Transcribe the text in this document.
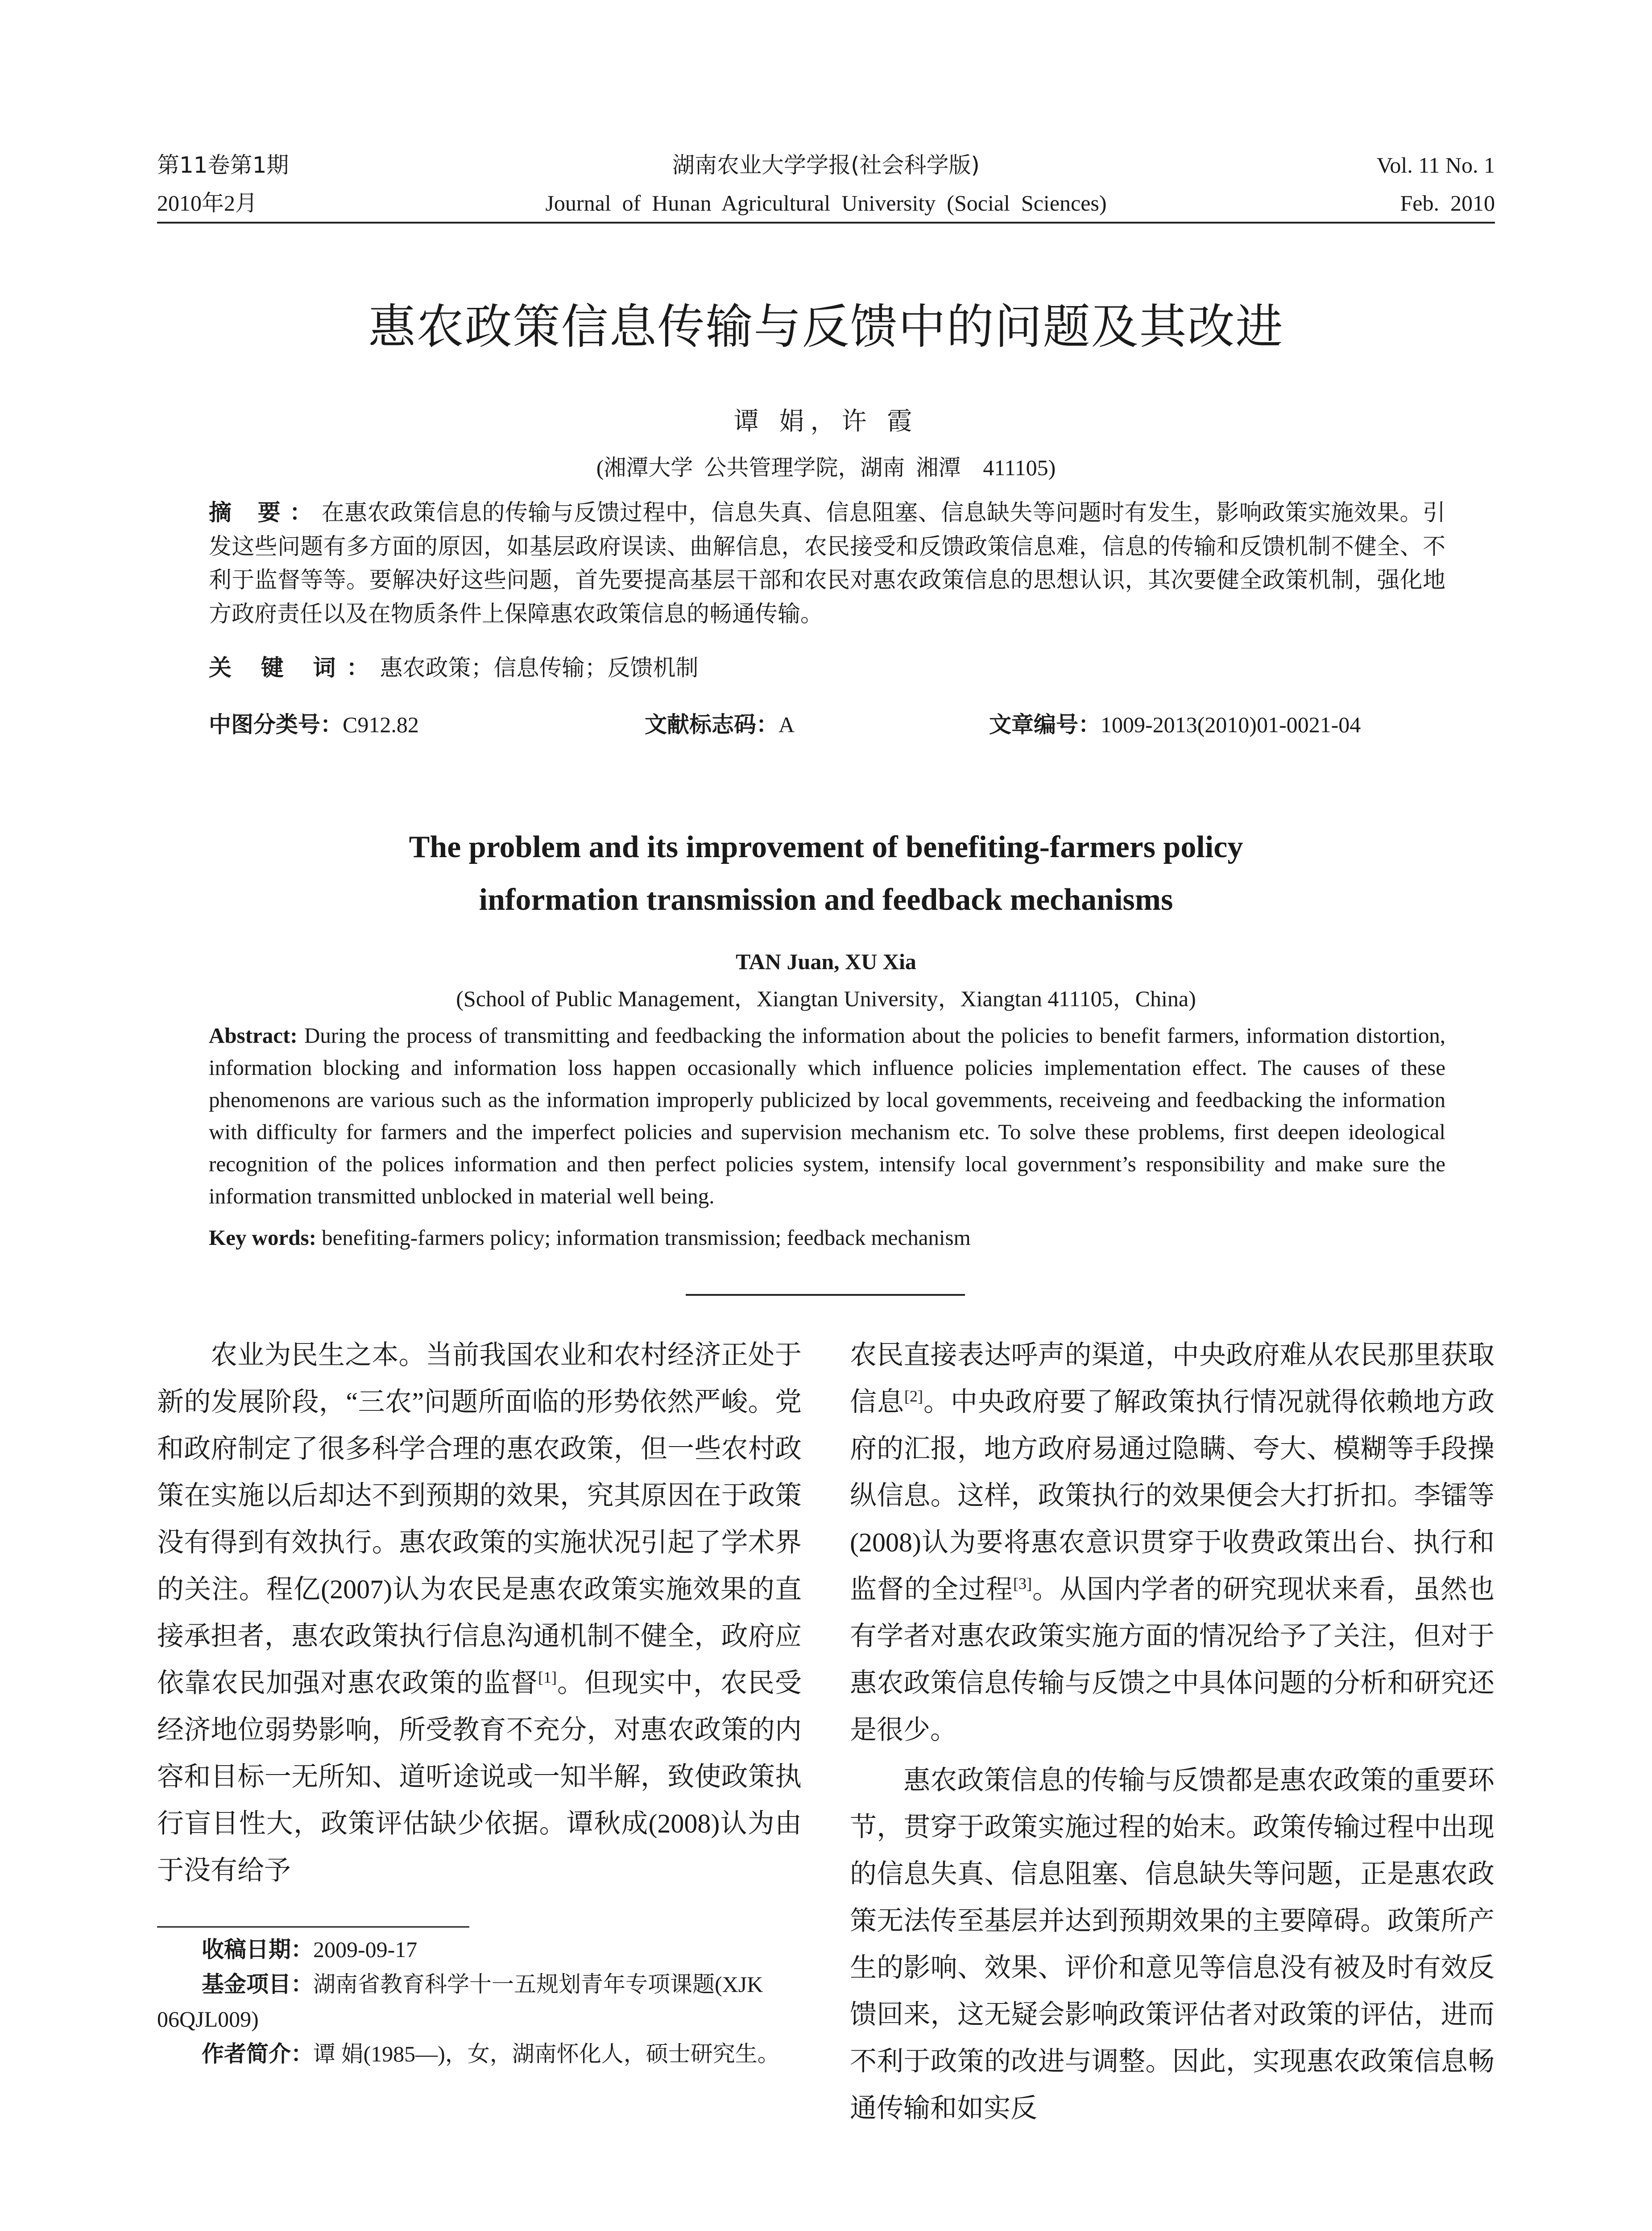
第11卷第1期
2010年2月
湖南农业大学学报(社会科学版)
Journal  of  Hunan  Agricultural  University  (Social  Sciences)
Vol. 11 No. 1
Feb.  2010
惠农政策信息传输与反馈中的问题及其改进
谭 娟，许 霞
(湘潭大学  公共管理学院，湖南  湘潭    411105)
摘 要：在惠农政策信息的传输与反馈过程中，信息失真、信息阻塞、信息缺失等问题时有发生，影响政策实施效果。引发这些问题有多方面的原因，如基层政府误读、曲解信息，农民接受和反馈政策信息难，信息的传输和反馈机制不健全、不利于监督等等。要解决好这些问题，首先要提高基层干部和农民对惠农政策信息的思想认识，其次要健全政策机制，强化地方政府责任以及在物质条件上保障惠农政策信息的畅通传输。
关 键 词：惠农政策；信息传输；反馈机制
中图分类号：C912.82	文献标志码：A	文章编号：1009-2013(2010)01-0021-04
The problem and its improvement of benefiting-farmers policy
information transmission and feedback mechanisms
TAN Juan, XU Xia
(School of Public Management，Xiangtan University，Xiangtan 411105，China)
Abstract: During the process of transmitting and feedbacking the information about the policies to benefit farmers, information distortion, information blocking and information loss happen occasionally which influence policies implementation effect. The causes of these phenomenons are various such as the information improperly publicized by local govemments, receiveing and feedbacking the information with difficulty for farmers and the imperfect policies and supervision mechanism etc. To solve these problems, first deepen ideological recognition of the polices information and then perfect policies system, intensify local government’s responsibility and make sure the information transmitted unblocked in material well being.
Key words: benefiting-farmers policy; information transmission; feedback mechanism

农业为民生之本。当前我国农业和农村经济正处于新的发展阶段，“三农”问题所面临的形势依然严峻。党和政府制定了很多科学合理的惠农政策，但一些农村政策在实施以后却达不到预期的效果，究其原因在于政策没有得到有效执行。惠农政策的实施状况引起了学术界的关注。程亿(2007)认为农民是惠农政策实施效果的直接承担者，惠农政策执行信息沟通机制不健全，政府应依靠农民加强对惠农政策的监督[1]。但现实中，农民受经济地位弱势影响，所受教育不充分，对惠农政策的内容和目标一无所知、道听途说或一知半解，致使政策执行盲目性大，政策评估缺少依据。谭秋成(2008)认为由于没有给予

农民直接表达呼声的渠道，中央政府难从农民那里获取信息[2]。中央政府要了解政策执行情况就得依赖地方政府的汇报，地方政府易通过隐瞒、夸大、模糊等手段操纵信息。这样，政策执行的效果便会大打折扣。李镭等(2008)认为要将惠农意识贯穿于收费政策出台、执行和监督的全过程[3]。从国内学者的研究现状来看，虽然也有学者对惠农政策实施方面的情况给予了关注，但对于惠农政策信息传输与反馈之中具体问题的分析和研究还是很少。

惠农政策信息的传输与反馈都是惠农政策的重要环节，贯穿于政策实施过程的始末。政策传输过程中出现的信息失真、信息阻塞、信息缺失等问题，正是惠农政策无法传至基层并达到预期效果的主要障碍。政策所产生的影响、效果、评价和意见等信息没有被及时有效反馈回来，这无疑会影响政策评估者对政策的评估，进而不利于政策的改进与调整。因此，实现惠农政策信息畅通传输和如实反

收稿日期：2009-09-17

基金项目：湖南省教育科学十一五规划青年专项课题(XJK 06QJL009)

作者简介：谭 娟(1985—)，女，湖南怀化人，硕士研究生。
